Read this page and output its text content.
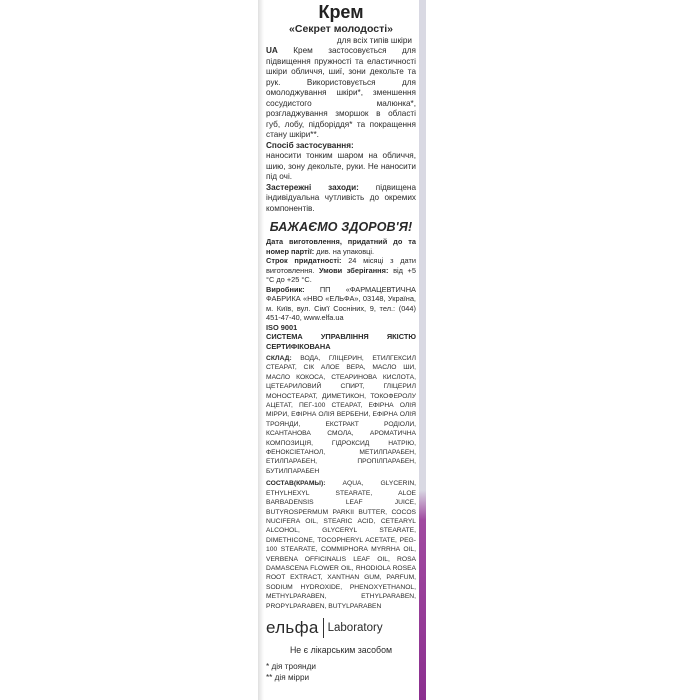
Крем
«Секрет молодості»
для всіх типів шкіри

UA Крем застосовується для підвищення пружності та еластичності шкіри обличчя, шиї, зони декольте та рук. Використовується для омолоджування шкіри*, зменшення сосудистого малюнка*, розгладжування зморшок в області губ, лобу, підборіддя* та покращення стану шкіри**.

Спосіб застосування:

наносити тонким шаром на обличчя, шию, зону декольте, руки. Не наносити під очі.

Застережні заходи: підвищена індивідуальна чутливість до окремих компонентів.

БАЖАЄМО ЗДОРОВ'Я!

Дата виготовлення, придатний до та номер партії: див. на упаковці.

Строк придатності: 24 місяці з дати виготовлення. Умови зберігання: від +5 °С до +25 °С.

Виробник: ПП «ФАРМАЦЕВТИЧНА ФАБРИКА «НВО «ЕЛЬФА», 03148, Україна, м. Київ, вул. Сім'ї Сосніних, 9, тел.: (044) 451-47-40, www.elfa.ua

ISO 9001

СИСТЕМА УПРАВЛІННЯ ЯКІСТЮ СЕРТИФІКОВАНА

СКЛАД: ВОДА, ГЛІЦЕРИН, ЕТИЛГЕКСИЛ СТЕАРАТ, СІК АЛОЕ ВЕРА, МАСЛО ШИ, МАСЛО КОКОСА, СТЕАРИНОВА КИСЛОТА, ЦЕТЕАРИЛОВИЙ СПИРТ, ГЛІЦЕРИЛ МОНОСТЕАРАТ, ДИМЕТИКОН, ТОКОФЕРОЛУ АЦЕТАТ, ПЕГ-100 СТЕАРАТ, ЕФІРНА ОЛІЯ МІРРИ, ЕФІРНА ОЛІЯ ВЕРБЕНИ, ЕФІРНА ОЛІЯ ТРОЯНДИ, ЕКСТРАКТ РОДІОЛИ, КСАНТАНОВА СМОЛА, АРОМАТИЧНА КОМПОЗИЦІЯ, ГІДРОКСИД НАТРІЮ, ФЕНОКСІЕТАНОЛ, МЕТИЛПАРАБЕН, ЕТИЛПАРАБЕН, ПРОПІЛПАРАБЕН, БУТИЛПАРАБЕН

СОСТАВ(КРАМЫ):	AQUA, GLYCERIN, ETHYLHEXYL STEARATE, ALOE BARBADENSIS LEAF JUICE, BUTYROSPERMUM PARKII BUTTER, COCOS NUCIFERA OIL, STEARIC ACID, CETEARYL ALCOHOL, GLYCERYL STEARATE, DIMETHICONE, TOCOPHERYL ACETATE, PEG-100 STEARATE, COMMIPHORA MYRRHA OIL, VERBENA OFFICINALIS LEAF OIL, ROSA DAMASCENA FLOWER OIL, RHODIOLA ROSEA ROOT EXTRACT, XANTHAN GUM, PARFUM, SODIUM HYDROXIDE, PHENOXYETHANOL, METHYLPARABEN, ETHYLPARABEN, PROPYLPARABEN, BUTYLPARABEN

ельфа Laboratory
Не є лікарським засобом
* дія троянди
** дія мірри
